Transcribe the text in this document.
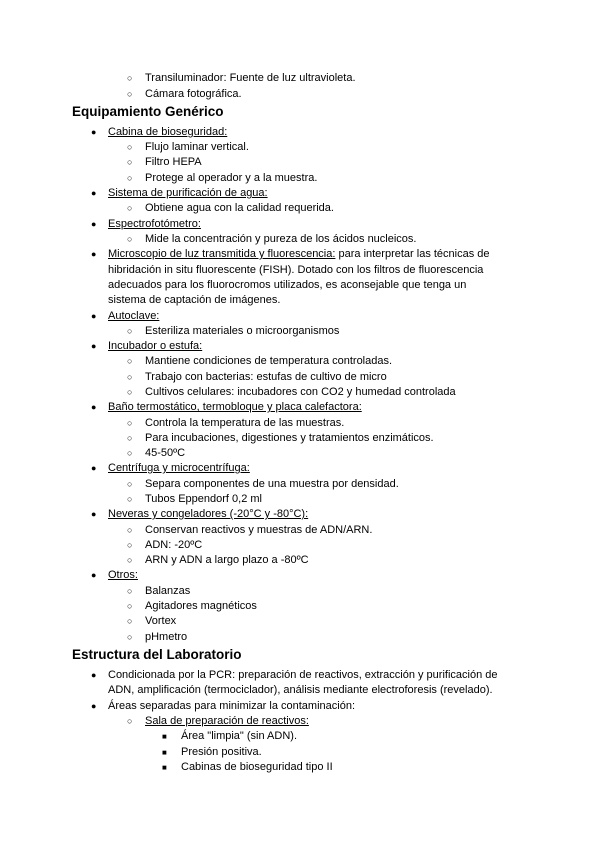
○ Transiluminador: Fuente de luz ultravioleta.
○ Cámara fotográfica.
Equipamiento Genérico
● Cabina de bioseguridad:
○ Flujo laminar vertical.
○ Filtro HEPA
○ Protege al operador y a la muestra.
● Sistema de purificación de agua:
○ Obtiene agua con la calidad requerida.
● Espectrofotómetro:
○ Mide la concentración y pureza de los ácidos nucleicos.
● Microscopio de luz transmitida y fluorescencia: para interpretar las técnicas de
hibridación in situ fluorescente (FISH). Dotado con los filtros de fluorescencia
adecuados para los fluorocromos utilizados, es aconsejable que tenga un
sistema de captación de imágenes.
● Autoclave:
○ Esteriliza materiales o microorganismos
● Incubador o estufa:
○ Mantiene condiciones de temperatura controladas.
○ Trabajo con bacterias: estufas de cultivo de micro
○ Cultivos celulares: incubadores con CO2 y humedad controlada
● Baño termostático, termobloque y placa calefactora:
○ Controla la temperatura de las muestras.
○ Para incubaciones, digestiones y tratamientos enzimáticos.
○ 45-50ºC
● Centrífuga y microcentrífuga:
○ Separa componentes de una muestra por densidad.
○ Tubos Eppendorf 0,2 ml
● Neveras y congeladores (-20°C y -80°C):
○ Conservan reactivos y muestras de ADN/ARN.
○ ADN: -20ºC
○ ARN y ADN a largo plazo a -80ºC
● Otros:
○ Balanzas
○ Agitadores magnéticos
○ Vortex
○ pHmetro
Estructura del Laboratorio
● Condicionada por la PCR: preparación de reactivos, extracción y purificación de
ADN, amplificación (termociclador), análisis mediante electroforesis (revelado).
● Áreas separadas para minimizar la contaminación:
○ Sala de preparación de reactivos:
■ Área "limpia" (sin ADN).
■ Presión positiva.
■ Cabinas de bioseguridad tipo II
